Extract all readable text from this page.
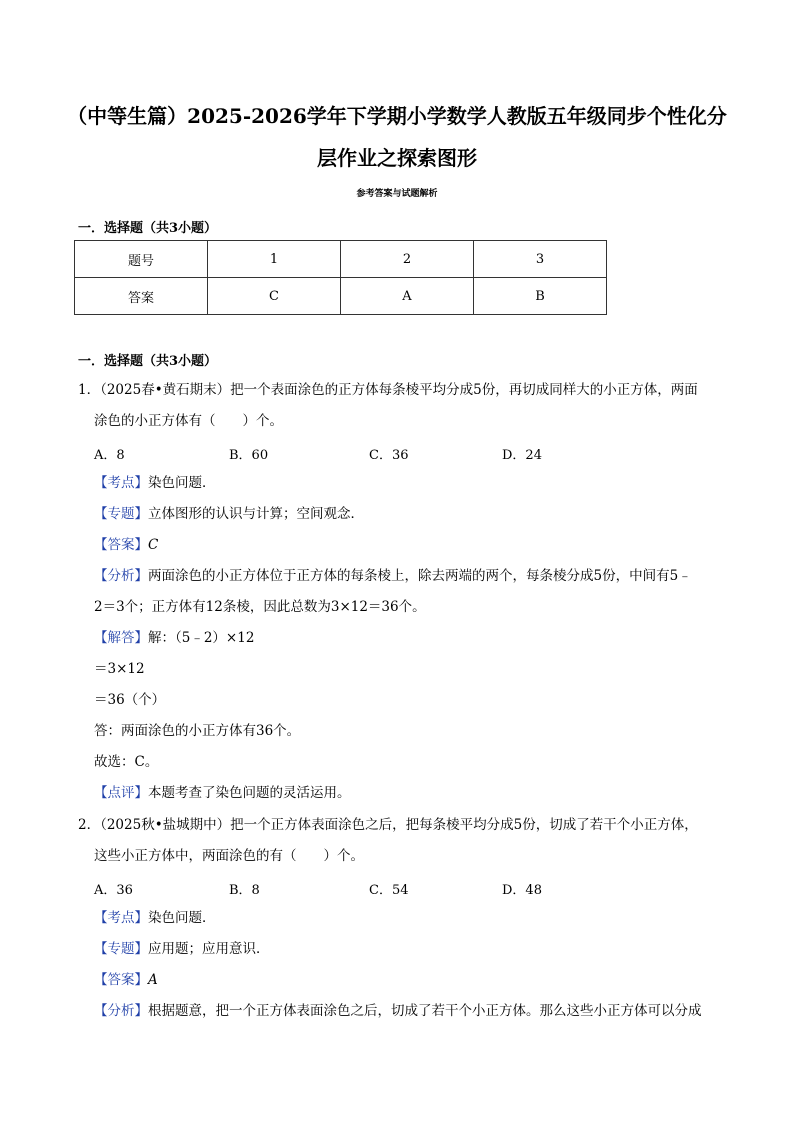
（中等生篇）2025-2026学年下学期小学数学人教版五年级同步个性化分
层作业之探索图形
参考答案与试题解析
一．选择题（共3小题）
题号	1	2	3
答案	C	A	B
一．选择题（共3小题）
1．（2025春•黄石期末）把一个表面涂色的正方体每条棱平均分成5份，再切成同样大的小正方体，两面
涂色的小正方体有（　　）个。
A．8	B．60	C．36	D．24
【考点】染色问题．
【专题】立体图形的认识与计算；空间观念．
【答案】C
【分析】两面涂色的小正方体位于正方体的每条棱上，除去两端的两个，每条棱分成5份，中间有5﹣
2＝3个；正方体有12条棱，因此总数为3×12＝36个。
【解答】解：（5﹣2）×12
＝3×12
＝36（个）
答：两面涂色的小正方体有36个。
故选：C。
【点评】本题考查了染色问题的灵活运用。
2．（2025秋•盐城期中）把一个正方体表面涂色之后，把每条棱平均分成5份，切成了若干个小正方体，
这些小正方体中，两面涂色的有（　　）个。
A．36	B．8	C．54	D．48
【考点】染色问题．
【专题】应用题；应用意识．
【答案】A
【分析】根据题意，把一个正方体表面涂色之后，切成了若干个小正方体。那么这些小正方体可以分成
